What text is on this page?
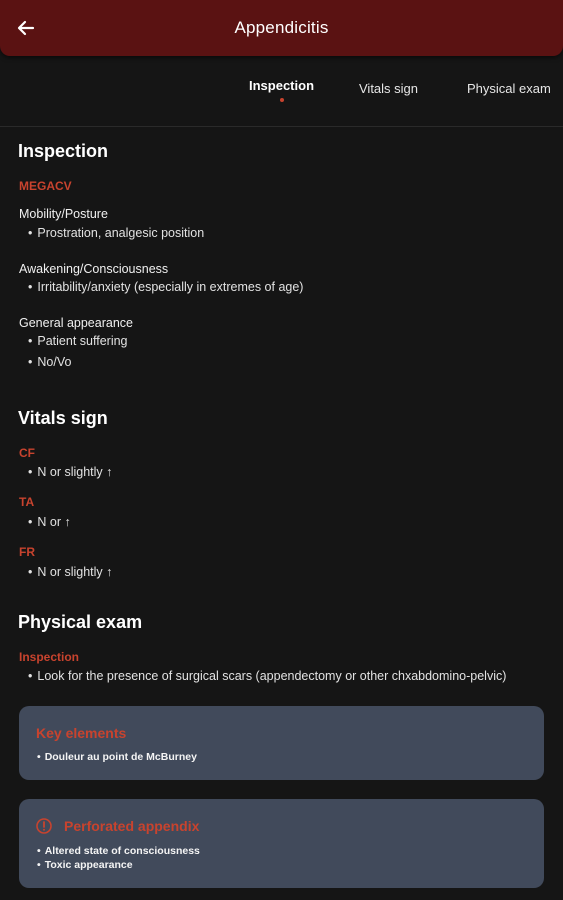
Appendicitis
Inspection	Vitals sign	Physical exam
Inspection
MEGACV
Mobility/Posture
• Prostration, analgesic position
Awakening/Consciousness
• Irritability/anxiety (especially in extremes of age)
General appearance
• Patient suffering
• No/Vo
Vitals sign
CF
• N or slightly ↑
TA
• N or ↑
FR
• N or slightly ↑
Physical exam
Inspection
• Look for the presence of surgical scars (appendectomy or other chxabdomino-pelvic)
Key elements
• Douleur au point de McBurney
Perforated appendix
• Altered state of consciousness
• Toxic appearance
